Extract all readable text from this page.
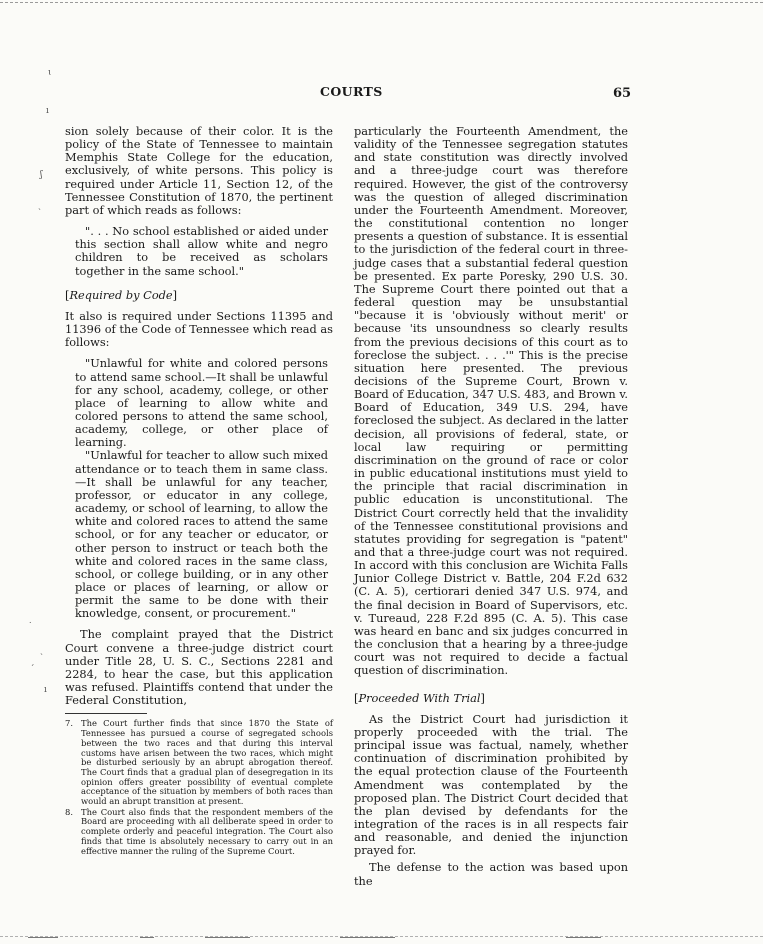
ɩ
ı
ʃ
ˎ
˙
ˎ
ˊ
ı
COURTS	65

sion solely because of their color. It is the policy of the State of Tennessee to maintain Memphis State College for the education, exclusively, of white persons. This policy is required under Article 11, Section 12, of the Tennessee Constitution of 1870, the pertinent part of which reads as follows:

". . . No school established or aided under this section shall allow white and negro children to be received as scholars together in the same school."

[Required by Code]

It also is required under Sections 11395 and 11396 of the Code of Tennessee which read as follows:

"Unlawful for white and colored persons to attend same school.—It shall be unlawful for any school, academy, college, or other place of learning to allow white and colored persons to attend the same school, academy, college, or other place of learning.

"Unlawful for teacher to allow such mixed attendance or to teach them in same class.—It shall be unlawful for any teacher, professor, or educator in any college, academy, or school of learning, to allow the white and colored races to attend the same school, or for any teacher or educator, or other person to instruct or teach both the white and colored races in the same class, school, or college building, or in any other place or places of learning, or allow or permit the same to be done with their knowledge, consent, or procurement."

The complaint prayed that the District Court convene a three-judge district court under Title 28, U. S. C., Sections 2281 and 2284, to hear the case, but this application was refused. Plaintiffs contend that under the Federal Constitution,

7. The Court further finds that since 1870 the State of Tennessee has pursued a course of segregated schools between the two races and that during this interval customs have arisen between the two races, which might be disturbed seriously by an abrupt abrogation thereof. The Court finds that a gradual plan of desegregation in its opinion offers greater possibility of eventual complete acceptance of the situation by members of both races than would an abrupt transition at present.
8. The Court also finds that the respondent members of the Board are proceeding with all deliberate speed in order to complete orderly and peaceful integration. The Court also finds that time is absolutely necessary to carry out in an effective manner the ruling of the Supreme Court.

particularly the Fourteenth Amendment, the validity of the Tennessee segregation statutes and state constitution was directly involved and a three-judge court was therefore required. However, the gist of the controversy was the question of alleged discrimination under the Fourteenth Amendment. Moreover, the constitutional contention no longer presents a question of substance. It is essential to the jurisdiction of the federal court in three-judge cases that a substantial federal question be presented. Ex parte Poresky, 290 U.S. 30. The Supreme Court there pointed out that a federal question may be unsubstantial "because it is 'obviously without merit' or because 'its unsoundness so clearly results from the previous decisions of this court as to foreclose the subject. . . .'" This is the precise situation here presented. The previous decisions of the Supreme Court, Brown v. Board of Education, 347 U.S. 483, and Brown v. Board of Education, 349 U.S. 294, have foreclosed the subject. As declared in the latter decision, all provisions of federal, state, or local law requiring or permitting discrimination on the ground of race or color in public educational institutions must yield to the principle that racial discrimination in public education is unconstitutional. The District Court correctly held that the invalidity of the Tennessee constitutional provisions and statutes providing for segregation is "patent" and that a three-judge court was not required. In accord with this conclusion are Wichita Falls Junior College District v. Battle, 204 F.2d 632 (C. A. 5), certiorari denied 347 U.S. 974, and the final decision in Board of Supervisors, etc. v. Tureaud, 228 F.2d 895 (C. A. 5). This case was heard en banc and six judges concurred in the conclusion that a hearing by a three-judge court was not required to decide a factual question of discrimination.

[Proceeded With Trial]

As the District Court had jurisdiction it properly proceeded with the trial. The principal issue was factual, namely, whether continuation of discrimination prohibited by the equal protection clause of the Fourteenth Amendment was contemplated by the proposed plan. The District Court decided that the plan devised by defendants for the integration of the races is in all respects fair and reasonable, and denied the injunction prayed for.

The defense to the action was based upon the
